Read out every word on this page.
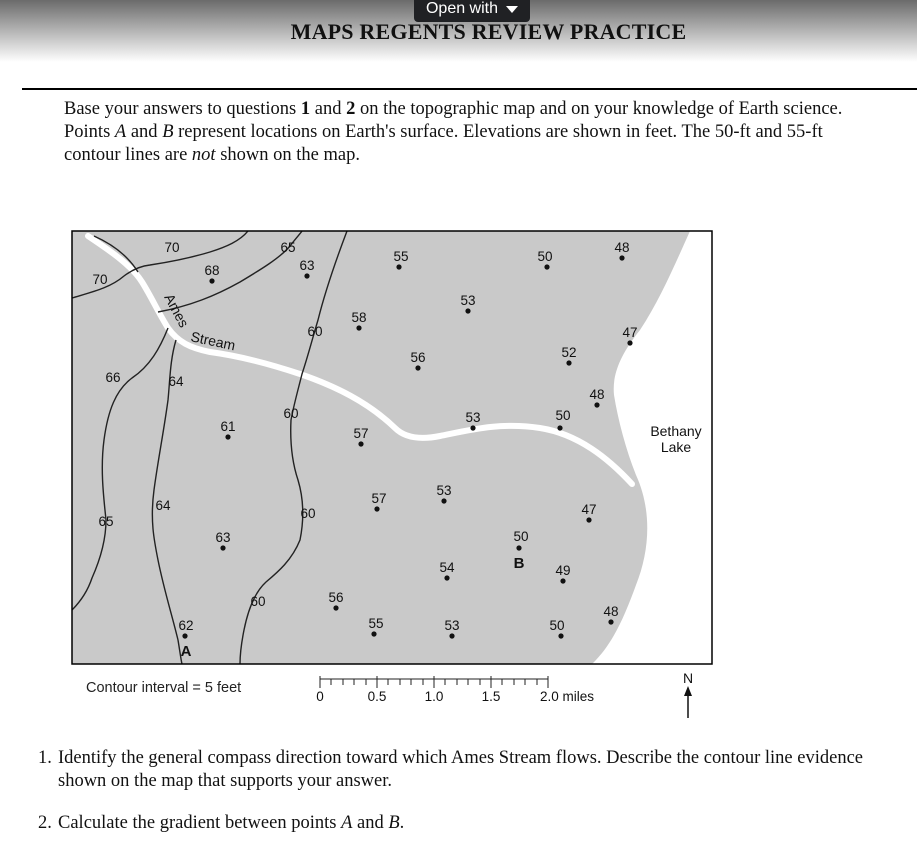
Open with
MAPS REGENTS REVIEW PRACTICE
Base your answers to questions 1 and 2 on the topographic map and on your knowledge of Earth science. Points A and B represent locations on Earth's surface. Elevations are shown in feet. The 50-ft and 55-ft contour lines are not shown on the map.
70
70
65
60
60
60
60
66	64
64
65
68	63
55
58
53
56
50
48
47
52
48
61	57
53	50
57
53
47
63
54
50
49
62
56
55	53	50
48
Ames
Stream
Bethany
Lake
A
B
Contour interval = 5 feet
0	0.5	1.0	1.5	2.0 miles
N
1. Identify the general compass direction toward which Ames Stream flows. Describe the contour line evidence shown on the map that supports your answer.
2. Calculate the gradient between points A and B.
